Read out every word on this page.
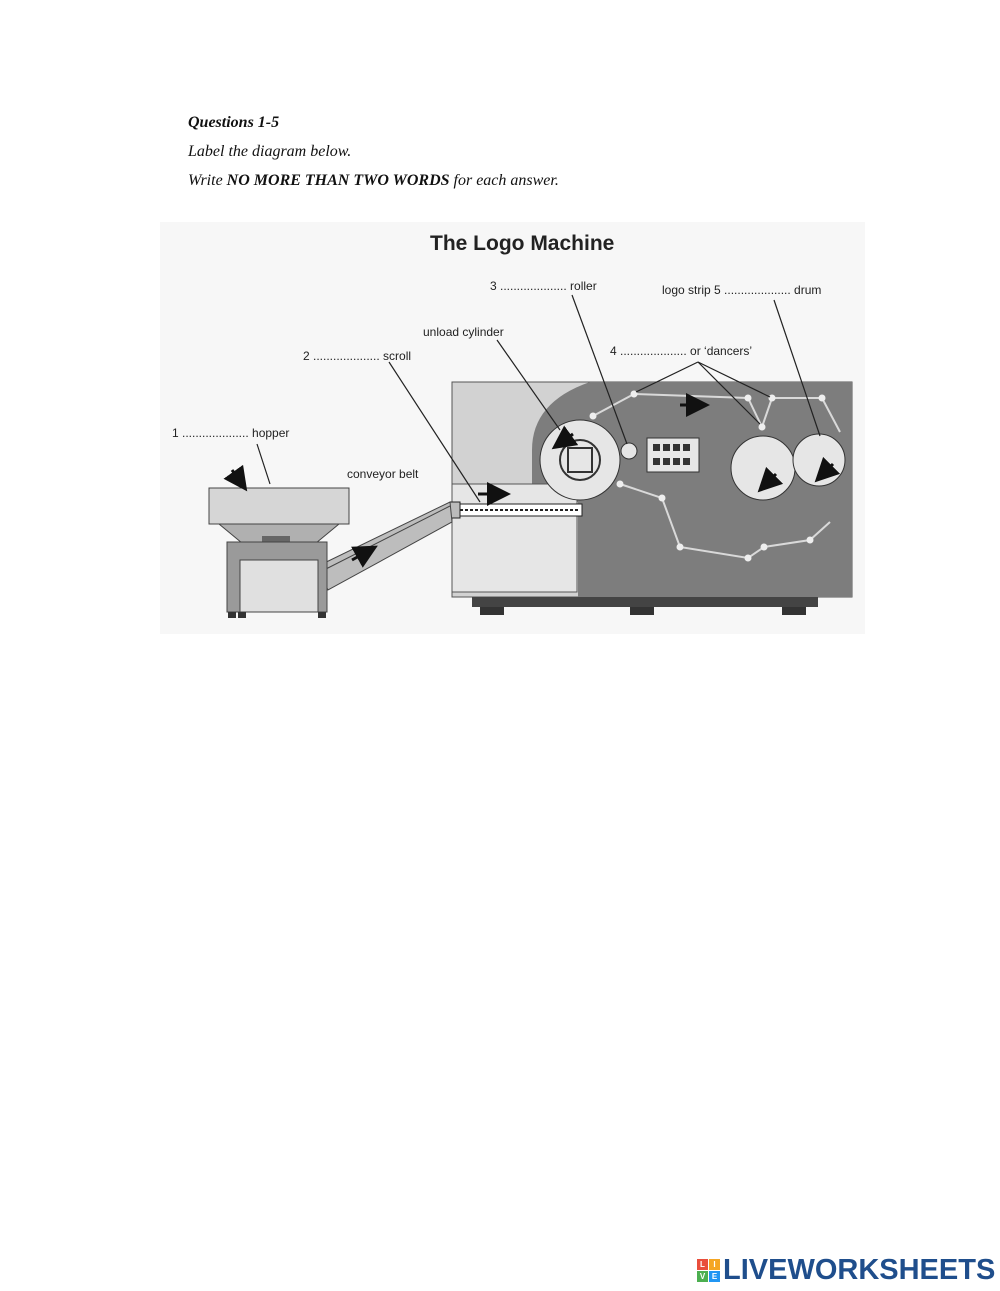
Questions 1-5
Label the diagram below.
Write NO MORE THAN TWO WORDS for each answer.
The Logo Machine
1 .................... hopper
2 .................... scroll
3 .................... roller
4 .................... or ‘dancers’
logo strip 5 .................... drum
unload cylinder
conveyor belt
L	I
V E LIVEWORKSHEETS
